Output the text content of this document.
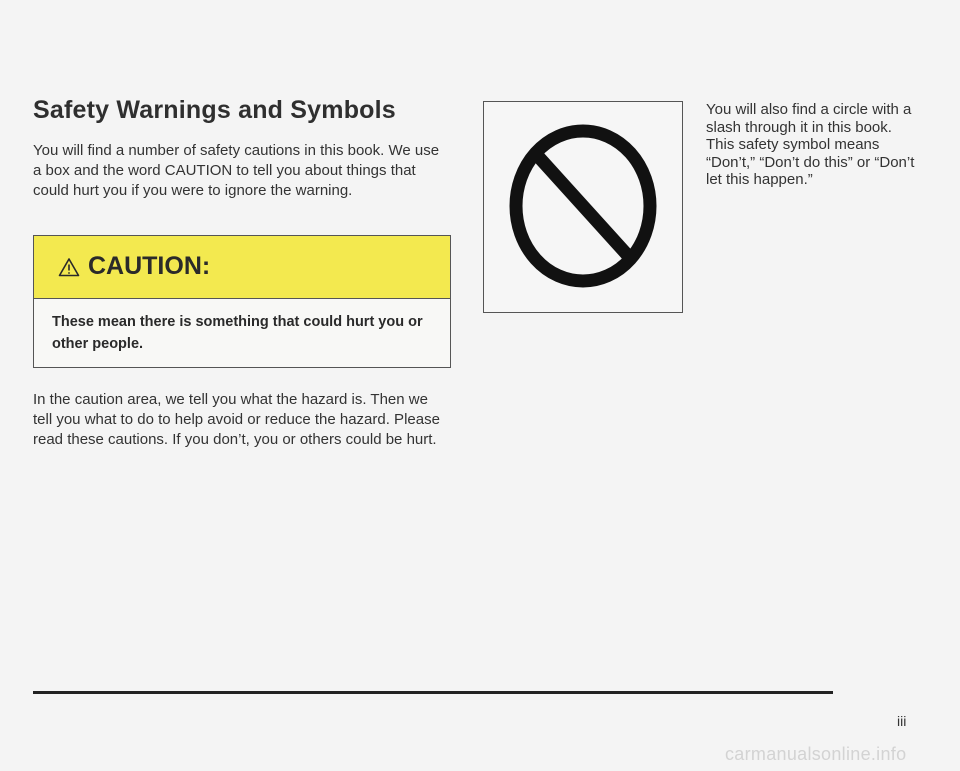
Safety Warnings and Symbols

You will find a number of safety cautions in this book. We use a box and the word CAUTION to tell you about things that could hurt you if you were to ignore the warning.

CAUTION:

These mean there is something that could hurt you or other people.

In the caution area, we tell you what the hazard is. Then we tell you what to do to help avoid or reduce the hazard. Please read these cautions. If you don’t, you or others could be hurt.

You will also find a circle with a slash through it in this book. This safety symbol means “Don’t,” “Don’t do this” or “Don’t let this happen.”

iii
carmanualsonline.info
